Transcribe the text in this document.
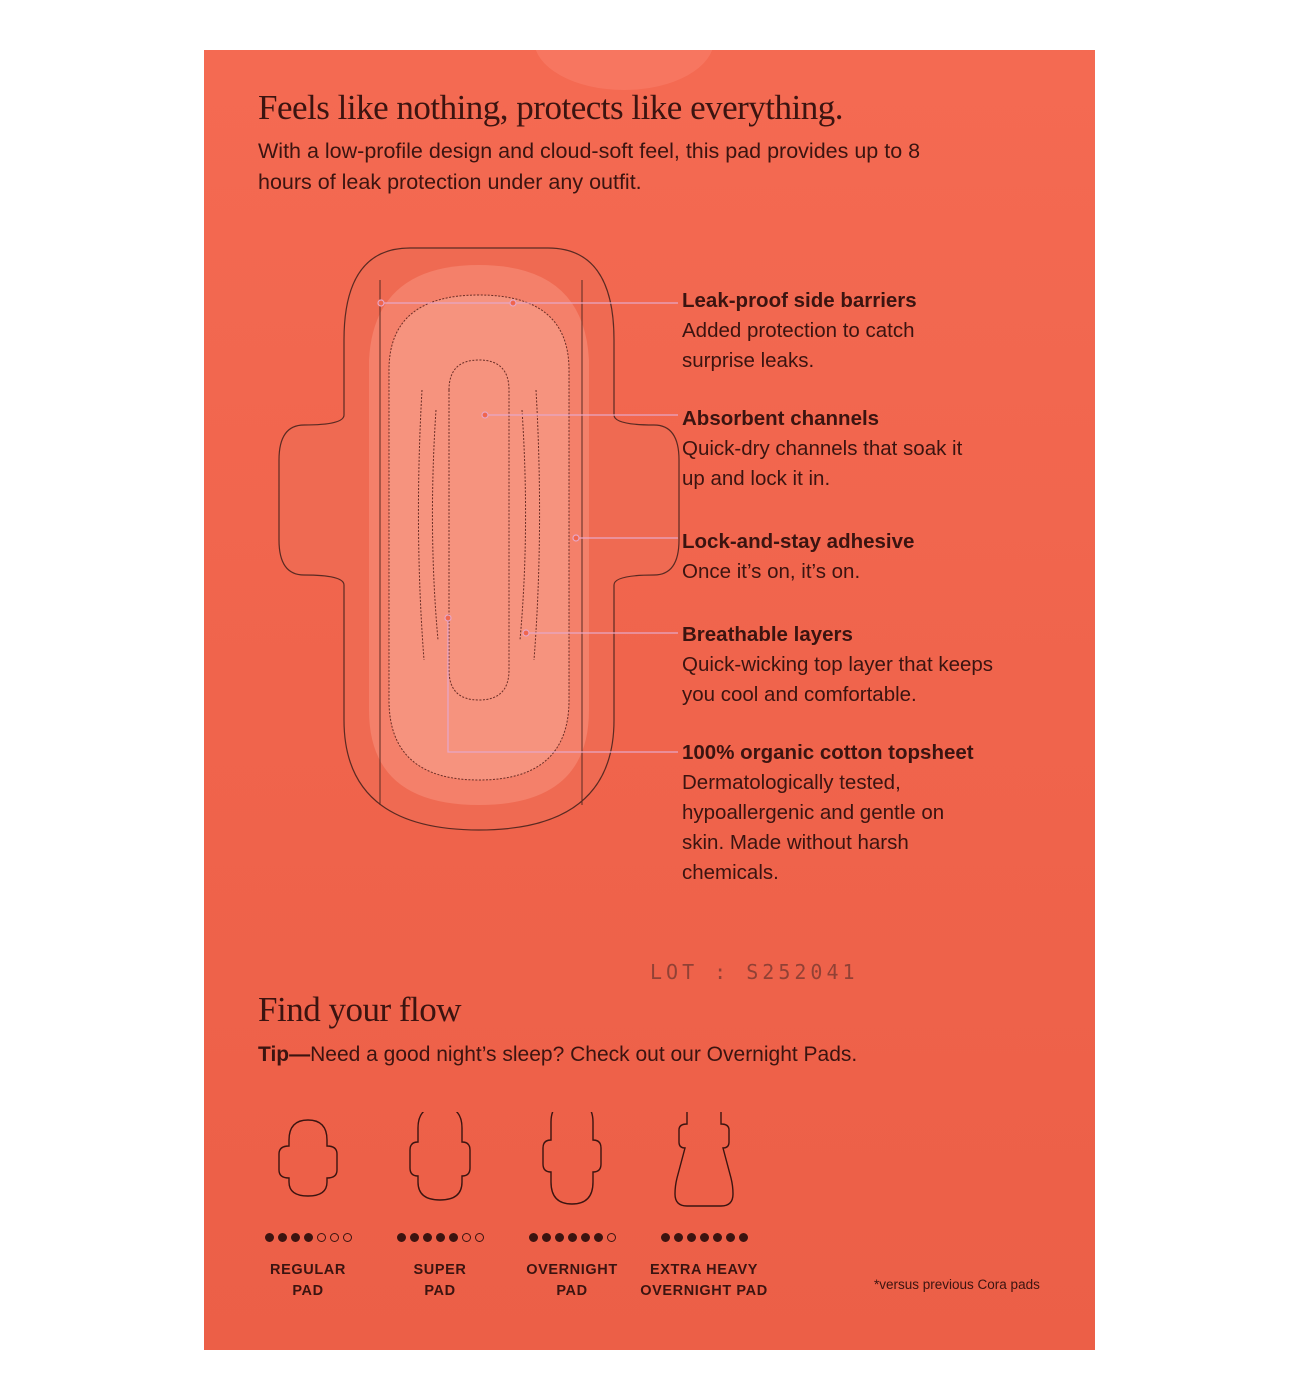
Feels like nothing, protects like everything.
With a low-profile design and cloud-soft feel, this pad provides up to 8 hours of leak protection under any outfit.
Leak-proof side barriers
Added protection to catch surprise leaks.
Absorbent channels
Quick-dry channels that soak it up and lock it in.
Lock-and-stay adhesive
Once it’s on, it’s on.
Breathable layers
Quick-wicking top layer that keeps you cool and comfortable.
100% organic cotton topsheet
Dermatologically tested, hypoallergenic and gentle on skin. Made without harsh chemicals.
LOT : S252041
Find your flow
Tip—Need a good night’s sleep? Check out our Overnight Pads.
REGULAR
PAD
SUPER
PAD
OVERNIGHT
PAD
EXTRA HEAVY
OVERNIGHT PAD	*versus previous Cora pads
